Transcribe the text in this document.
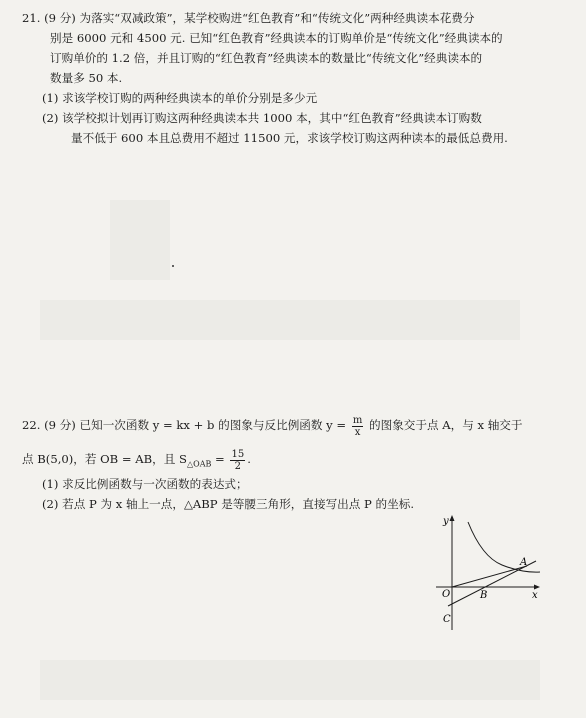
21. (9 分) 为落实“双减政策”，某学校购进“红色教育”和“传统文化”两种经典读本花费分
别是 6000 元和 4500 元. 已知“红色教育”经典读本的订购单价是“传统文化”经典读本的
订购单价的 1.2 倍，并且订购的“红色教育”经典读本的数量比“传统文化”经典读本的
数量多 50 本.
(1) 求该学校订购的两种经典读本的单价分别是多少元
(2) 该学校拟计划再订购这两种经典读本共 1000 本，其中“红色教育”经典读本订购数
量不低于 600 本且总费用不超过 11500 元，求该学校订购这两种读本的最低总费用.
22. (9 分) 已知一次函数 y = kx + b 的图象与反比例函数 $y = \frac{m}{x}$ 的图象交于点 A，与 x 轴交于
点 B(5,0)，若 OB = AB，且 $S_{\triangle OAB} = \frac{15}{2}$ .
(1) 求反比例函数与一次函数的表达式；
(2) 若点 P 为 x 轴上一点，△ABP 是等腰三角形，直接写出点 P 的坐标.
y
x
O
A
B
C
